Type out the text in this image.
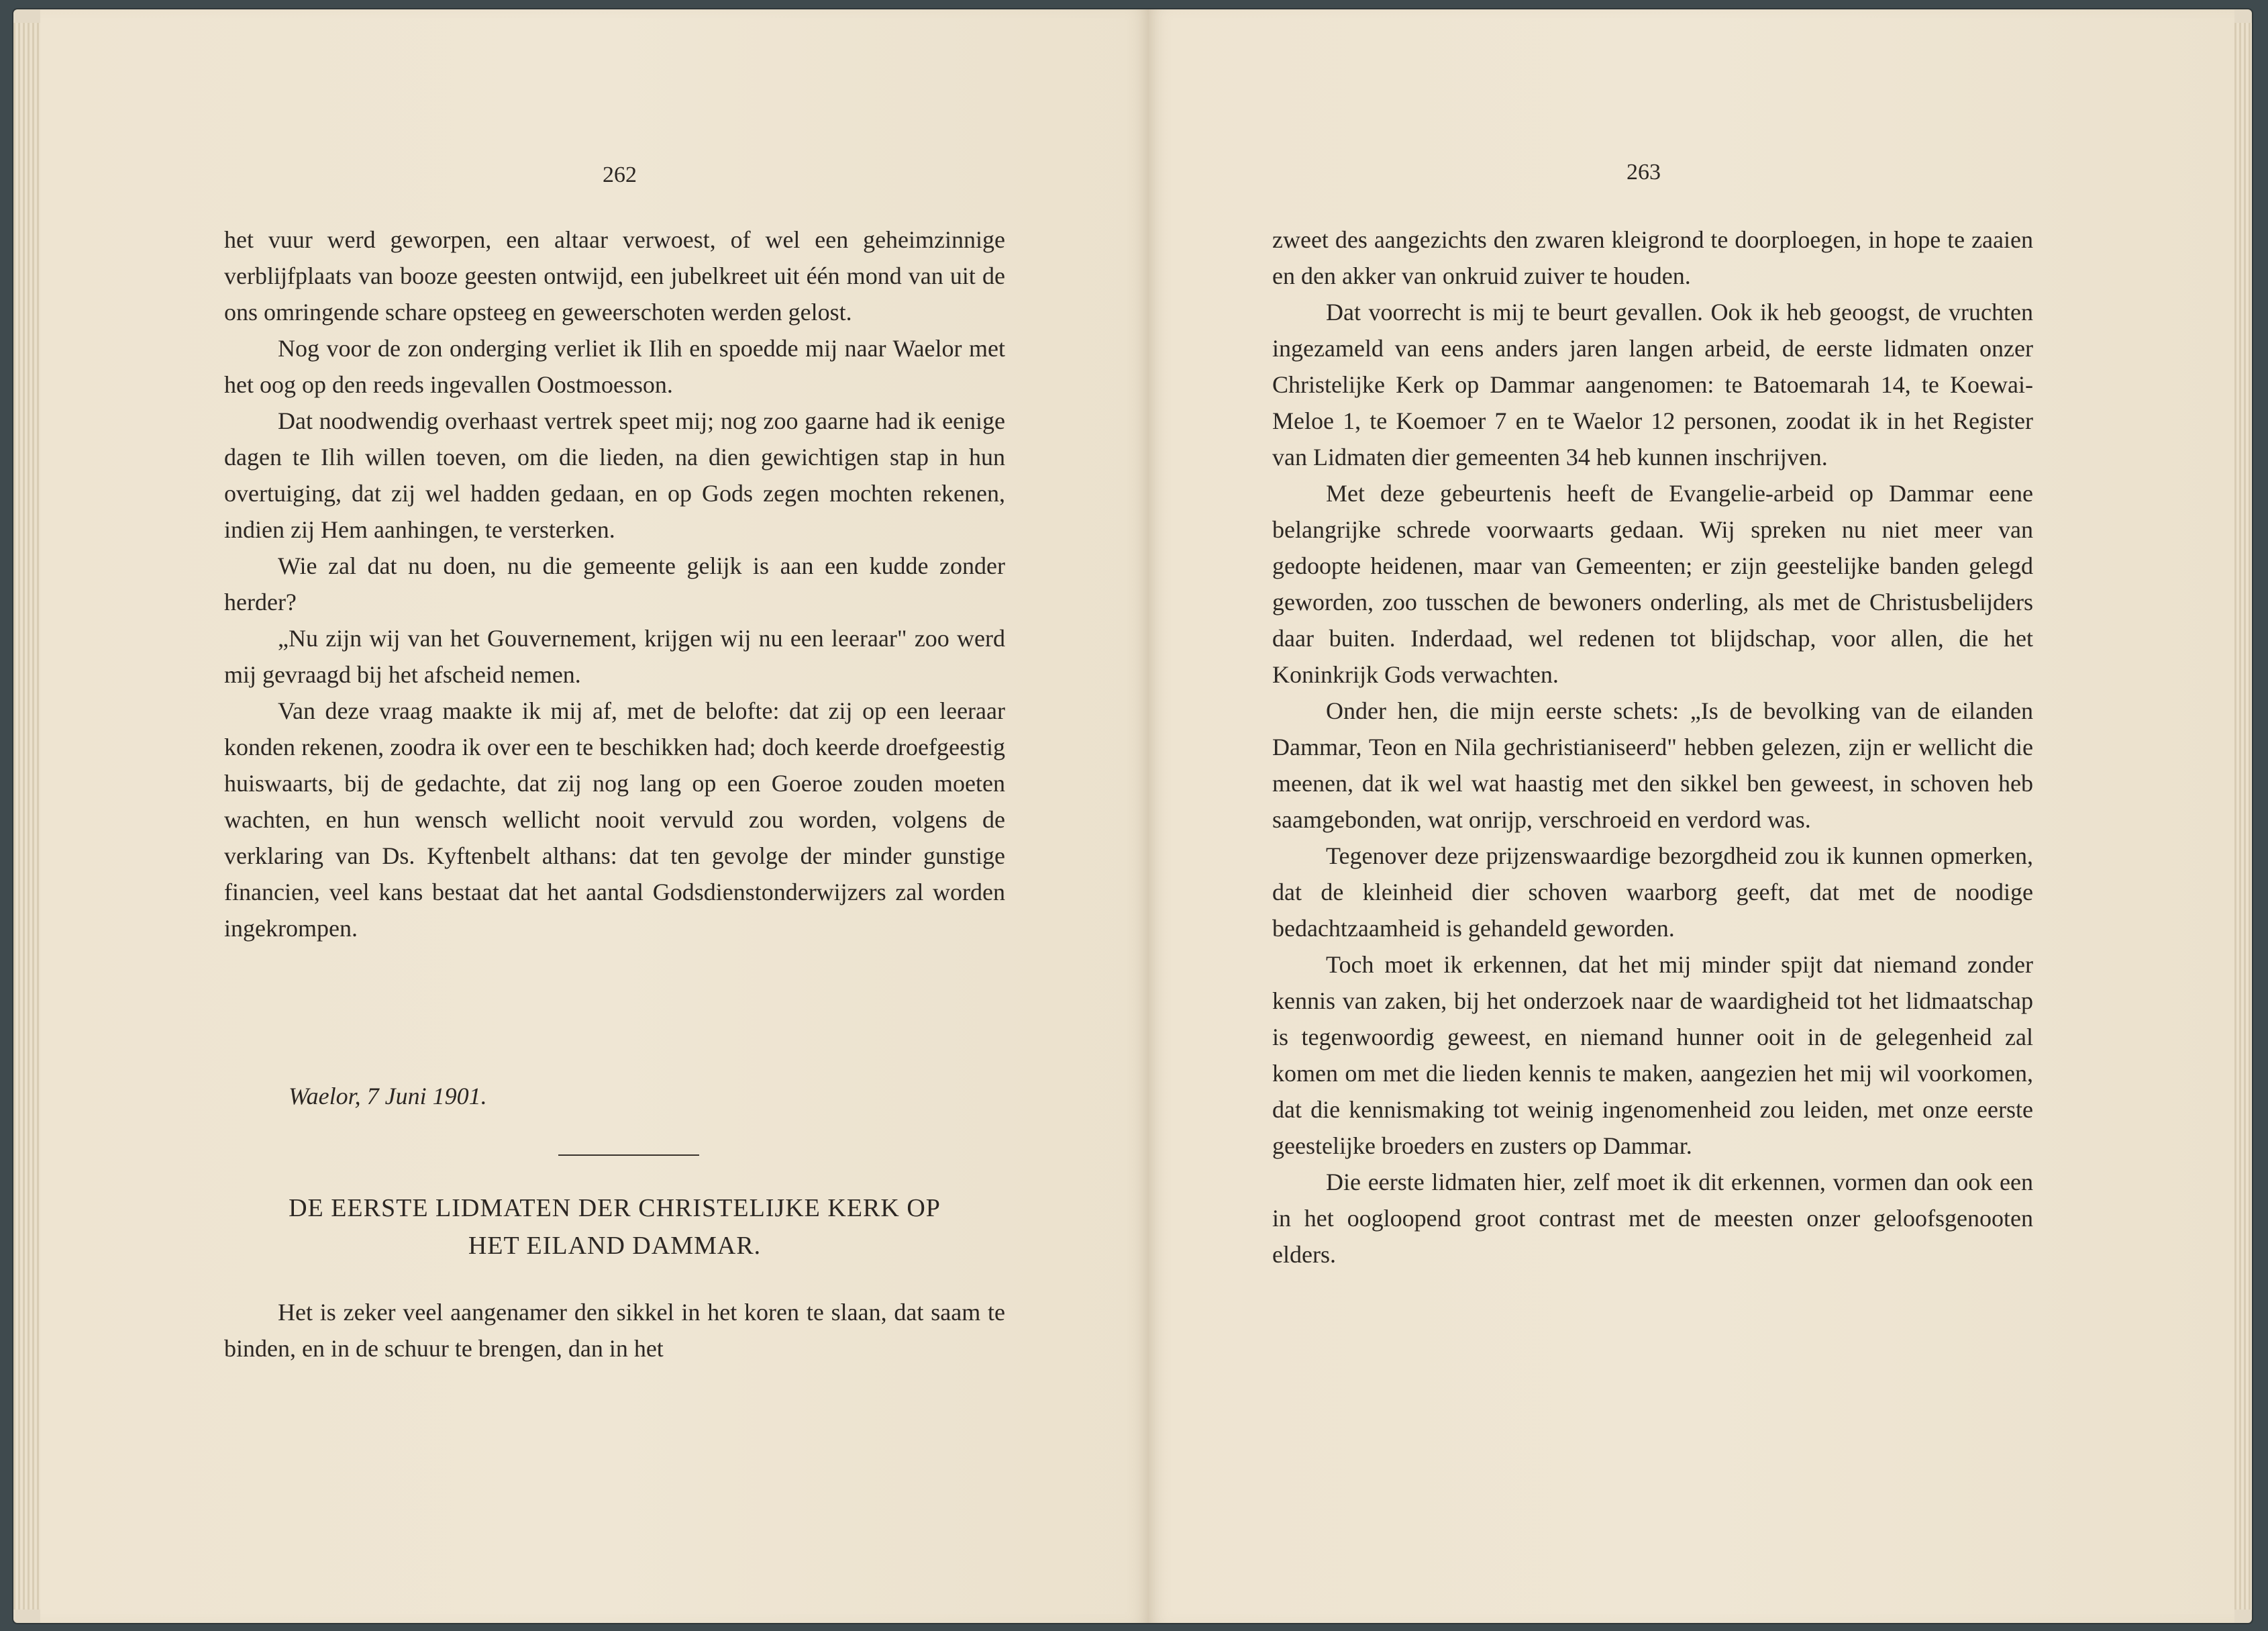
262

het vuur werd geworpen, een altaar verwoest, of wel een geheimzinnige verblijfplaats van booze geesten ontwijd, een jubelkreet uit één mond van uit de ons omringende schare opsteeg en geweerschoten werden gelost.

Nog voor de zon onderging verliet ik Ilih en spoedde mij naar Waelor met het oog op den reeds ingevallen Oostmoesson.

Dat noodwendig overhaast vertrek speet mij; nog zoo gaarne had ik eenige dagen te Ilih willen toeven, om die lieden, na dien gewichtigen stap in hun overtuiging, dat zij wel hadden gedaan, en op Gods zegen mochten rekenen, indien zij Hem aanhingen, te versterken.

Wie zal dat nu doen, nu die gemeente gelijk is aan een kudde zonder herder?

„Nu zijn wij van het Gouvernement, krijgen wij nu een leeraar" zoo werd mij gevraagd bij het afscheid nemen.

Van deze vraag maakte ik mij af, met de belofte: dat zij op een leeraar konden rekenen, zoodra ik over een te beschikken had; doch keerde droefgeestig huiswaarts, bij de gedachte, dat zij nog lang op een Goeroe zouden moeten wachten, en hun wensch wellicht nooit vervuld zou worden, volgens de verklaring van Ds. Kyftenbelt althans: dat ten gevolge der minder gunstige financien, veel kans bestaat dat het aantal Godsdienstonderwijzers zal worden ingekrompen.

Waelor, 7 Juni 1901.
DE EERSTE LIDMATEN DER CHRISTELIJKE KERK OP
HET EILAND DAMMAR.

Het is zeker veel aangenamer den sikkel in het koren te slaan, dat saam te binden, en in de schuur te brengen, dan in het

263

zweet des aangezichts den zwaren kleigrond te doorploegen, in hope te zaaien en den akker van onkruid zuiver te houden.

Dat voorrecht is mij te beurt gevallen. Ook ik heb geoogst, de vruchten ingezameld van eens anders jaren langen arbeid, de eerste lidmaten onzer Christelijke Kerk op Dammar aangenomen: te Batoemarah 14, te Koewai-Meloe 1, te Koemoer 7 en te Waelor 12 personen, zoodat ik in het Register van Lidmaten dier gemeenten 34 heb kunnen inschrijven.

Met deze gebeurtenis heeft de Evangelie-arbeid op Dammar eene belangrijke schrede voorwaarts gedaan. Wij spreken nu niet meer van gedoopte heidenen, maar van Gemeenten; er zijn geestelijke banden gelegd geworden, zoo tusschen de bewoners onderling, als met de Christusbelijders daar buiten. Inderdaad, wel redenen tot blijdschap, voor allen, die het Koninkrijk Gods verwachten.

Onder hen, die mijn eerste schets: „Is de bevolking van de eilanden Dammar, Teon en Nila gechristianiseerd" hebben gelezen, zijn er wellicht die meenen, dat ik wel wat haastig met den sikkel ben geweest, in schoven heb saamgebonden, wat onrijp, verschroeid en verdord was.

Tegenover deze prijzenswaardige bezorgdheid zou ik kunnen opmerken, dat de kleinheid dier schoven waarborg geeft, dat met de noodige bedachtzaamheid is gehandeld geworden.

Toch moet ik erkennen, dat het mij minder spijt dat niemand zonder kennis van zaken, bij het onderzoek naar de waardigheid tot het lidmaatschap is tegenwoordig geweest, en niemand hunner ooit in de gelegenheid zal komen om met die lieden kennis te maken, aangezien het mij wil voorkomen, dat die kennismaking tot weinig ingenomenheid zou leiden, met onze eerste geestelijke broeders en zusters op Dammar.

Die eerste lidmaten hier, zelf moet ik dit erkennen, vormen dan ook een in het oogloopend groot contrast met de meesten onzer geloofsgenooten elders.
